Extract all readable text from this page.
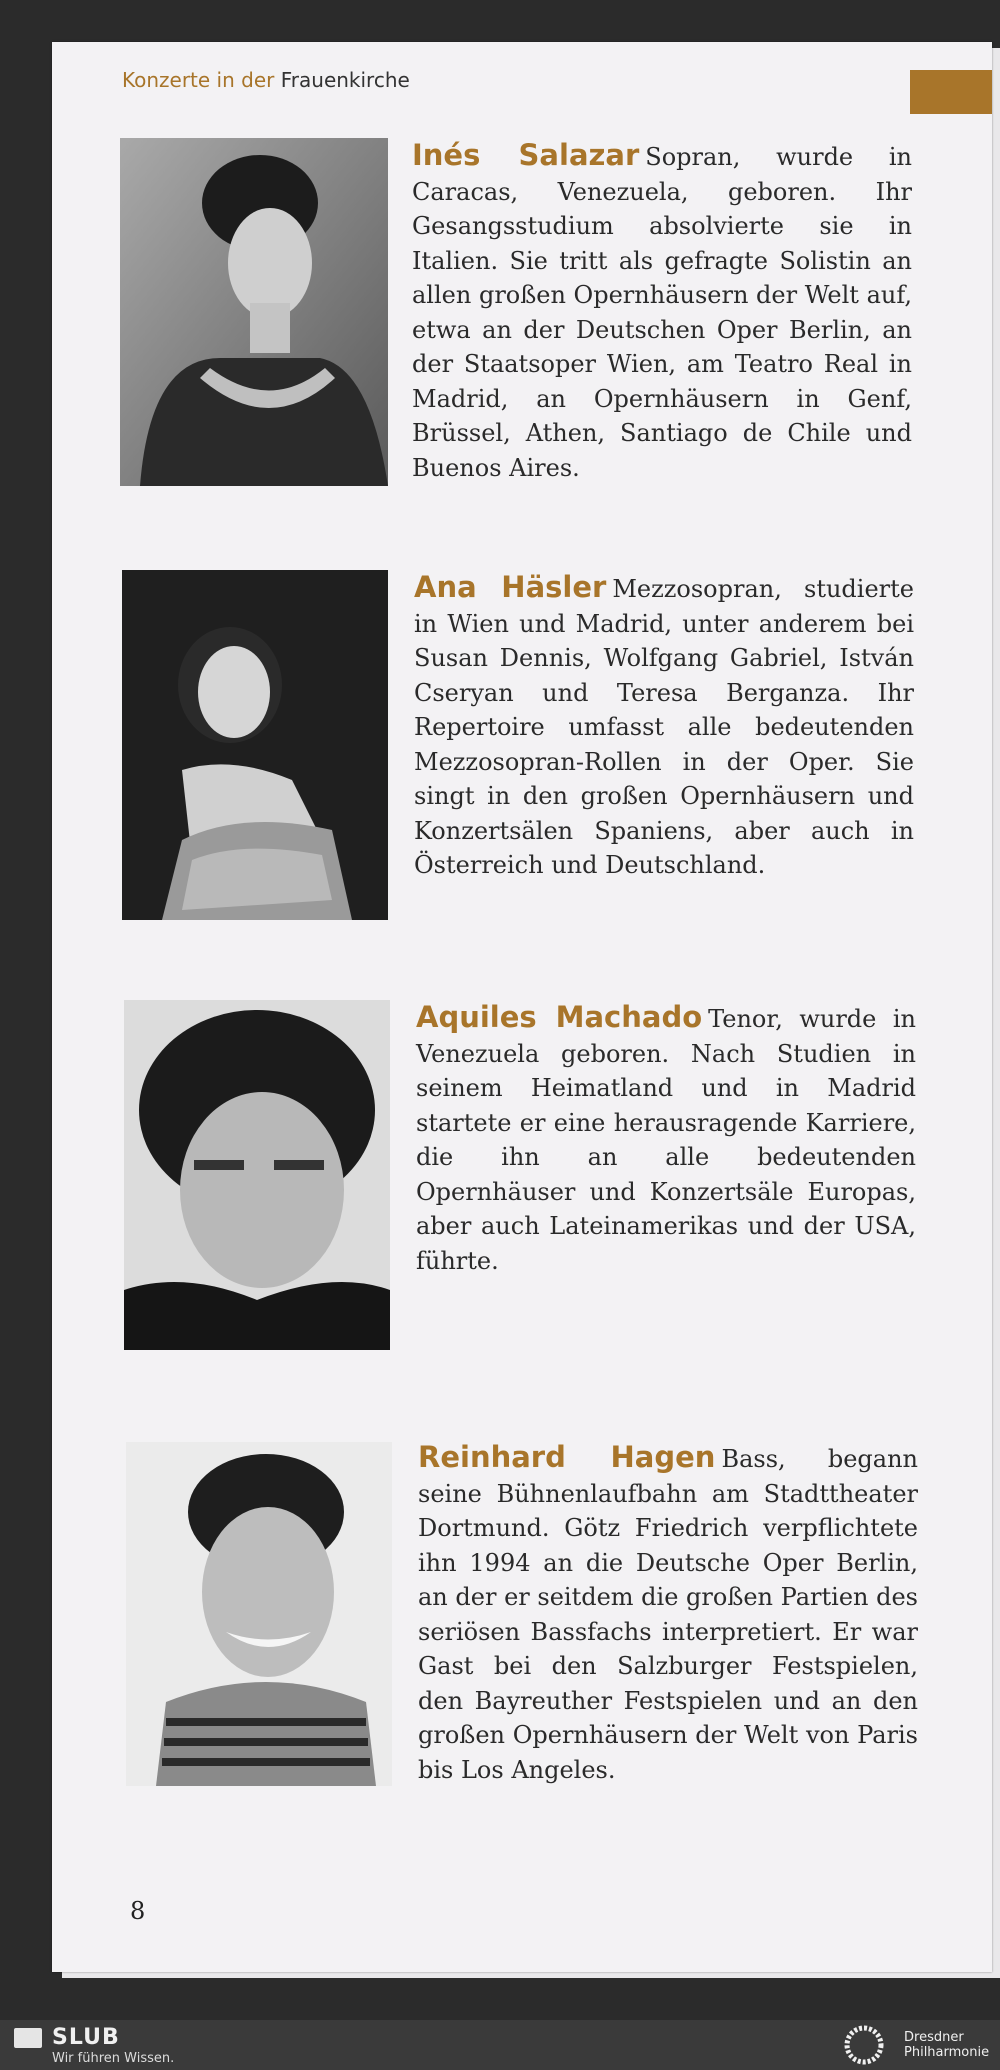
Konzerte in der Frauenkirche
Inés Salazar Sopran, wurde in Caracas, Venezuela, geboren. Ihr Gesangsstudium absolvierte sie in Italien. Sie tritt als gefragte Solistin an allen großen Opernhäusern der Welt auf, etwa an der Deutschen Oper Berlin, an der Staatsoper Wien, am Teatro Real in Madrid, an Opernhäusern in Genf, Brüssel, Athen, Santiago de Chile und Buenos Aires.
Ana Häsler Mezzosopran, studierte in Wien und Madrid, unter anderem bei Susan Dennis, Wolfgang Gabriel, István Cseryan und Teresa Berganza. Ihr Repertoire umfasst alle bedeutenden Mezzosopran-Rollen in der Oper. Sie singt in den großen Opernhäusern und Konzertsälen Spaniens, aber auch in Österreich und Deutschland.
Aquiles Machado Tenor, wurde in Venezuela geboren. Nach Studien in seinem Heimatland und in Madrid startete er eine herausragende Karriere, die ihn an alle bedeutenden Opernhäuser und Konzertsäle Europas, aber auch Lateinamerikas und der USA, führte.
Reinhard Hagen Bass, begann seine Bühnenlaufbahn am Stadttheater Dortmund. Götz Friedrich verpflichtete ihn 1994 an die Deutsche Oper Berlin, an der er seitdem die großen Partien des seriösen Bassfachs interpretiert. Er war Gast bei den Salzburger Festspielen, den Bayreuther Festspielen und an den großen Opernhäusern der Welt von Paris bis Los Angeles.
8
SLUB
Wir führen Wissen.
Dresdner
Philharmonie
